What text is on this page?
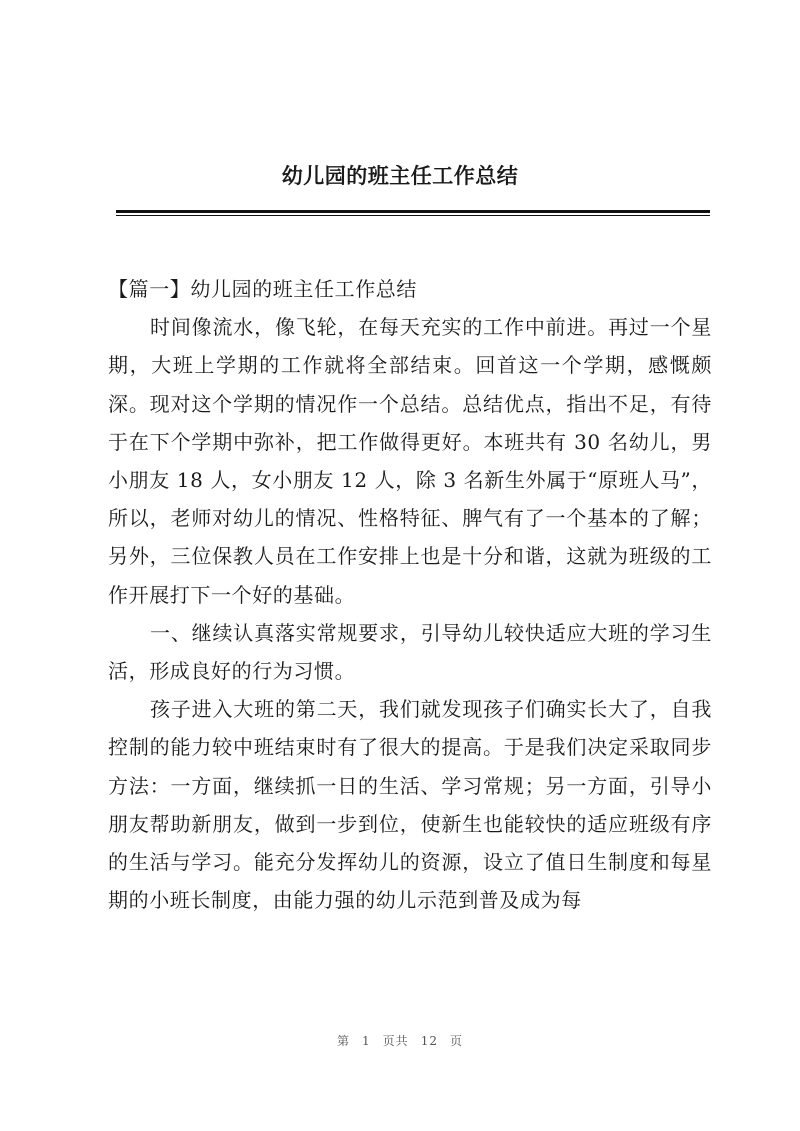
幼儿园的班主任工作总结

【篇一】幼儿园的班主任工作总结

时间像流水，像飞轮，在每天充实的工作中前进。再过一个星期，大班上学期的工作就将全部结束。回首这一个学期，感慨颇深。现对这个学期的情况作一个总结。总结优点，指出不足，有待于在下个学期中弥补，把工作做得更好。本班共有 30 名幼儿，男小朋友 18 人，女小朋友 12 人，除 3 名新生外属于“原班人马”，所以，老师对幼儿的情况、性格特征、脾气有了一个基本的了解；另外，三位保教人员在工作安排上也是十分和谐，这就为班级的工作开展打下一个好的基础。

一、继续认真落实常规要求，引导幼儿较快适应大班的学习生活，形成良好的行为习惯。

孩子进入大班的第二天，我们就发现孩子们确实长大了，自我控制的能力较中班结束时有了很大的提高。于是我们决定采取同步方法：一方面，继续抓一日的生活、学习常规；另一方面，引导小朋友帮助新朋友，做到一步到位，使新生也能较快的适应班级有序的生活与学习。能充分发挥幼儿的资源，设立了值日生制度和每星期的小班长制度，由能力强的幼儿示范到普及成为每

第 1 页共 12 页
